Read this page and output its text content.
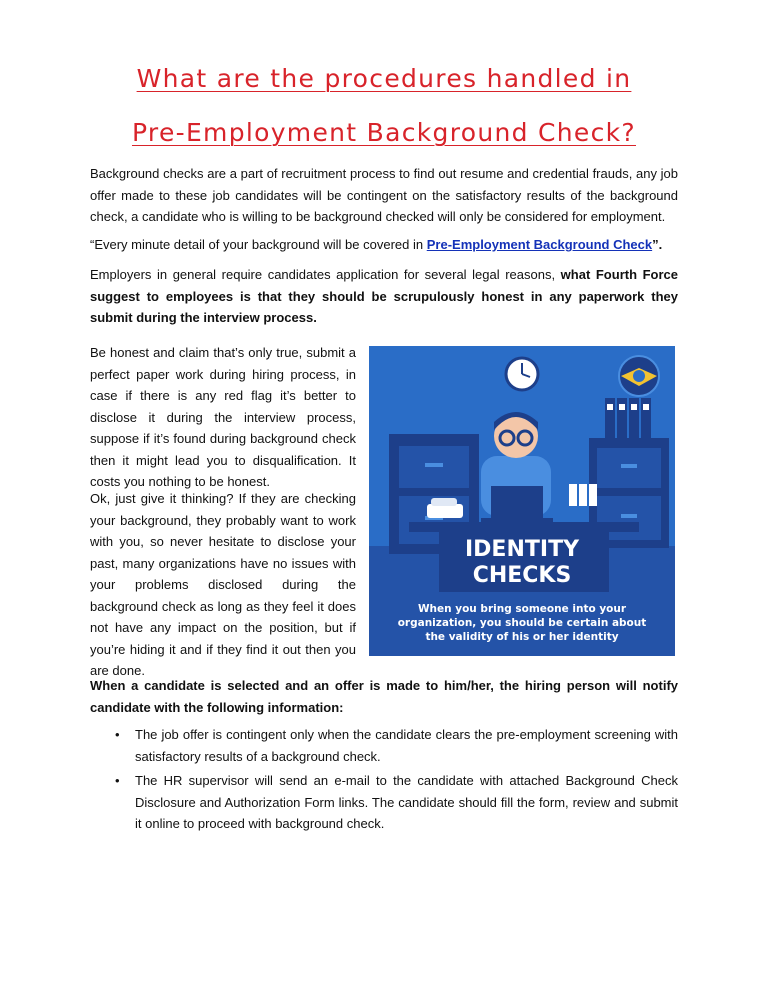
What are the procedures handled in
Pre-Employment Background Check?

Background checks are a part of recruitment process to find out resume and credential frauds, any job offer made to these job candidates will be contingent on the satisfactory results of the background check, a candidate who is willing to be background checked will only be considered for employment.

“Every minute detail of your background will be covered in Pre-Employment Background Check”.

Employers in general require candidates application for several legal reasons, what Fourth Force suggest to employees is that they should be scrupulously honest in any paperwork they submit during the interview process.

Be honest and claim that’s only true, submit a perfect paper work during hiring process, in case if there is any red flag it’s better to disclose it during the interview process, suppose if it’s found during background check then it might lead you to disqualification. It costs you nothing to be honest.

Ok, just give it thinking? If they are checking your background, they probably want to work with you, so never hesitate to disclose your past, many organizations have no issues with your problems disclosed during the background check as long as they feel it does not have any impact on the position, but if you’re hiding it and if they find it out then you are done.

IDENTITY
CHECKS
When you bring someone into your
organization, you should be certain about
the validity of his or her identity

When a candidate is selected and an offer is made to him/her, the hiring person will notify candidate with the following information:

• The job offer is contingent only when the candidate clears the pre-employment screening with satisfactory results of a background check.
• The HR supervisor will send an e-mail to the candidate with attached Background Check Disclosure and Authorization Form links. The candidate should fill the form, review and submit it online to proceed with background check.
